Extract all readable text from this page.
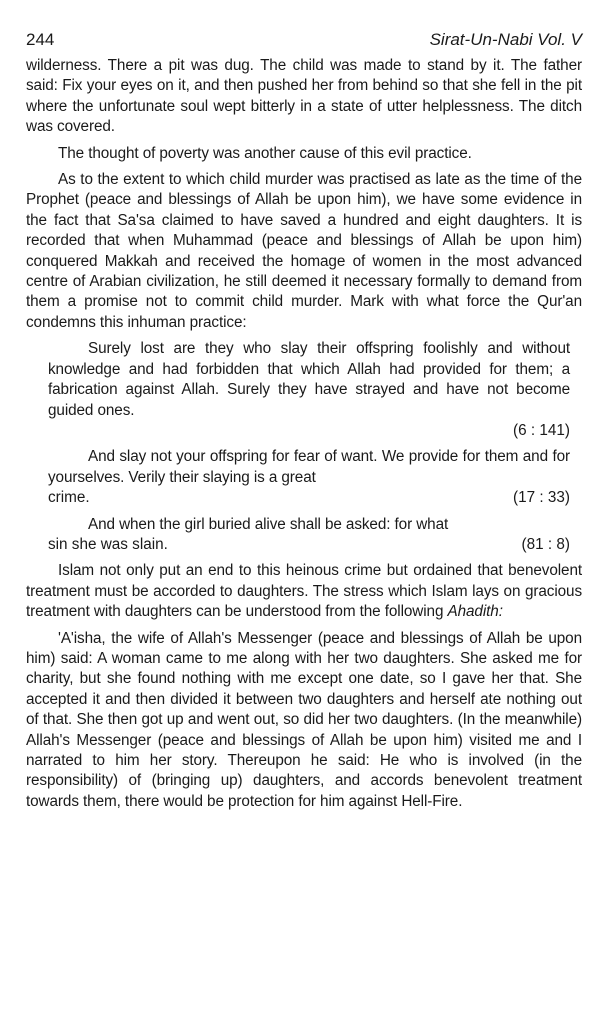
244	Sirat-Un-Nabi Vol. V

wilderness. There a pit was dug. The child was made to stand by it. The father said: Fix your eyes on it, and then pushed her from behind so that she fell in the pit where the unfortunate soul wept bitterly in a state of utter helplessness. The ditch was covered.

The thought of poverty was another cause of this evil practice.

As to the extent to which child murder was practised as late as the time of the Prophet (peace and blessings of Allah be upon him), we have some evidence in the fact that Sa'sa claimed to have saved a hundred and eight daughters. It is recorded that when Muhammad (peace and blessings of Allah be upon him) conquered Makkah and received the homage of women in the most advanced centre of Arabian civilization, he still deemed it necessary formally to demand from them a promise not to commit child murder. Mark with what force the Qur'an condemns this inhuman practice:

Surely lost are they who slay their offspring foolishly and without knowledge and had forbidden that which Allah had provided for them; a fabrication against Allah. Surely they have strayed and have not become guided ones.

(6 : 141)

And slay not your offspring for fear of want. We provide for them and for yourselves. Verily their slaying is a great

crime.	(17 : 33)

And when the girl buried alive shall be asked: for what

sin she was slain.	(81 : 8)

Islam not only put an end to this heinous crime but ordained that benevolent treatment must be accorded to daughters. The stress which Islam lays on gracious treatment with daughters can be understood from the following Ahadith:

'A'isha, the wife of Allah's Messenger (peace and blessings of Allah be upon him) said: A woman came to me along with her two daughters. She asked me for charity, but she found nothing with me except one date, so I gave her that. She accepted it and then divided it between two daughters and herself ate nothing out of that. She then got up and went out, so did her two daughters. (In the meanwhile) Allah's Messenger (peace and blessings of Allah be upon him) visited me and I narrated to him her story. Thereupon he said: He who is involved (in the responsibility) of (bringing up) daughters, and accords benevolent treatment towards them, there would be protection for him against Hell-Fire.
